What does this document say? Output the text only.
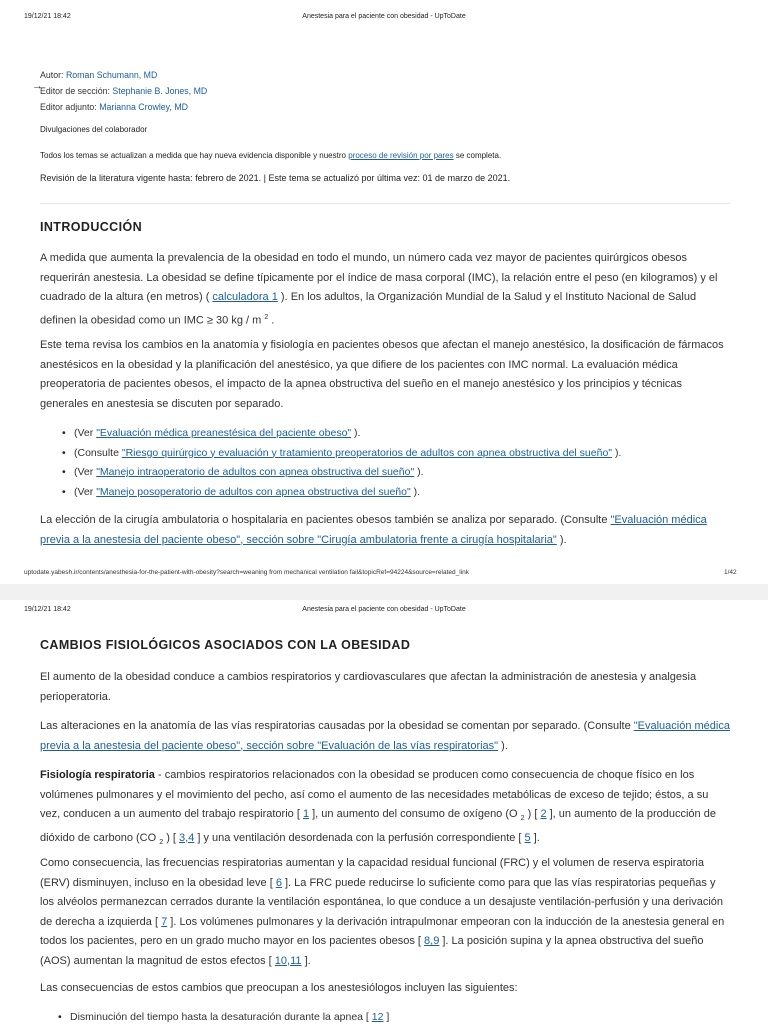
19/12/21 18:42	Anestesia para el paciente con obesidad - UpToDate
Autor: Roman Schumann, MD
→
Editor de sección: Stephanie B. Jones, MD
Editor adjunto: Marianna Crowley, MD
Divulgaciones del colaborador
Todos los temas se actualizan a medida que hay nueva evidencia disponible y nuestro proceso de revisión por pares se completa.
Revisión de la literatura vigente hasta: febrero de 2021. | Este tema se actualizó por última vez: 01 de marzo de 2021.
INTRODUCCIÓN
A medida que aumenta la prevalencia de la obesidad en todo el mundo, un número cada vez mayor de pacientes quirúrgicos obesos requerirán anestesia. La obesidad se define típicamente por el índice de masa corporal (IMC), la relación entre el peso (en kilogramos) y el cuadrado de la altura (en metros) ( calculadora 1 ). En los adultos, la Organización Mundial de la Salud y el Instituto Nacional de Salud definen la obesidad como un IMC ≥ 30 kg / m $^2$ .
Este tema revisa los cambios en la anatomía y fisiología en pacientes obesos que afectan el manejo anestésico, la dosificación de fármacos anestésicos en la obesidad y la planificación del anestésico, ya que difiere de los pacientes con IMC normal. La evaluación médica preoperatoria de pacientes obesos, el impacto de la apnea obstructiva del sueño en el manejo anestésico y los principios y técnicas generales en anestesia se discuten por separado.
• (Ver "Evaluación médica preanestésica del paciente obeso" ).
• (Consulte "Riesgo quirúrgico y evaluación y tratamiento preoperatorios de adultos con apnea obstructiva del sueño" ).
• (Ver "Manejo intraoperatorio de adultos con apnea obstructiva del sueño" ).
• (Ver "Manejo posoperatorio de adultos con apnea obstructiva del sueño" ).
La elección de la cirugía ambulatoria o hospitalaria en pacientes obesos también se analiza por separado. (Consulte "Evaluación médica previa a la anestesia del paciente obeso", sección sobre "Cirugía ambulatoria frente a cirugía hospitalaria" ).
uptodate.yabesh.ir/contents/anesthesia-for-the-patient-with-obesity?search=weaning from mechanical ventilation fail&topicRef=94224&source=related_link	1/42
19/12/21 18:42	Anestesia para el paciente con obesidad - UpToDate
CAMBIOS FISIOLÓGICOS ASOCIADOS CON LA OBESIDAD
El aumento de la obesidad conduce a cambios respiratorios y cardiovasculares que afectan la administración de anestesia y analgesia perioperatoria.
Las alteraciones en la anatomía de las vías respiratorias causadas por la obesidad se comentan por separado. (Consulte "Evaluación médica previa a la anestesia del paciente obeso", sección sobre "Evaluación de las vías respiratorias" ).
Fisiología respiratoria - cambios respiratorios relacionados con la obesidad se producen como consecuencia de choque físico en los volúmenes pulmonares y el movimiento del pecho, así como el aumento de las necesidades metabólicas de exceso de tejido; éstos, a su vez, conducen a un aumento del trabajo respiratorio [ 1 ], un aumento del consumo de oxígeno (O $_2$ ) [ 2 ], un aumento de la producción de dióxido de carbono (CO $_2$ ) [ 3,4 ] y una ventilación desordenada con la perfusión correspondiente [ 5 ].
Como consecuencia, las frecuencias respiratorias aumentan y la capacidad residual funcional (FRC) y el volumen de reserva espiratoria (ERV) disminuyen, incluso en la obesidad leve [ 6 ]. La FRC puede reducirse lo suficiente como para que las vías respiratorias pequeñas y los alvéolos permanezcan cerrados durante la ventilación espontánea, lo que conduce a un desajuste ventilación-perfusión y una derivación de derecha a izquierda [ 7 ]. Los volúmenes pulmonares y la derivación intrapulmonar empeoran con la inducción de la anestesia general en todos los pacientes, pero en un grado mucho mayor en los pacientes obesos [ 8,9 ]. La posición supina y la apnea obstructiva del sueño (AOS) aumentan la magnitud de estos efectos [ 10,11 ].
Las consecuencias de estos cambios que preocupan a los anestesiólogos incluyen las siguientes:
• Disminución del tiempo hasta la desaturación durante la apnea [ 12 ]
